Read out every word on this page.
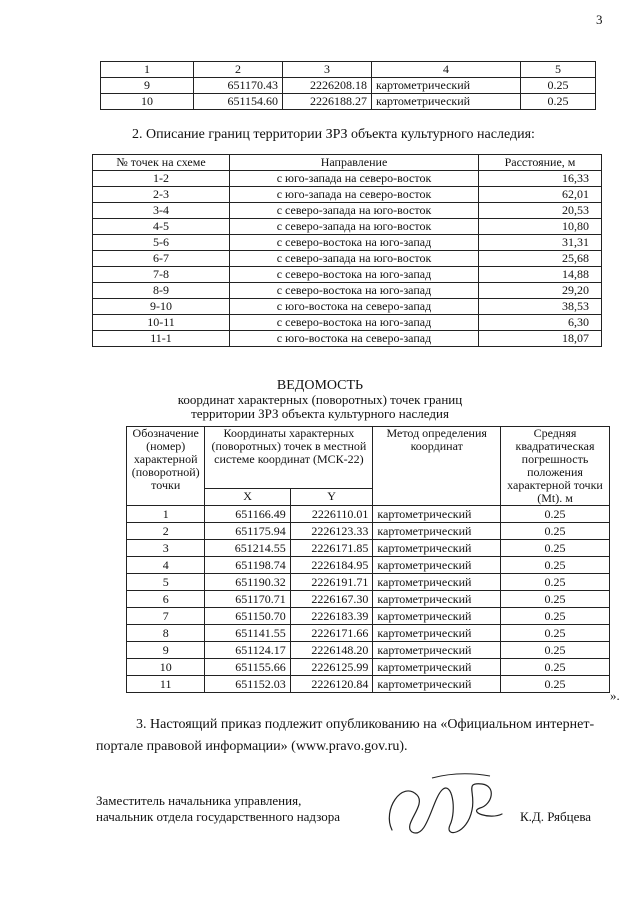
3
1	2	3	4	5
9	651170.43	2226208.18	картометрический	0.25
10	651154.60	2226188.27	картометрический	0.25
2. Описание границ территории ЗРЗ объекта культурного наследия:
№ точек на схеме	Направление	Расстояние, м
1-2	с юго-запада на северо-восток	16,33
2-3	с юго-запада на северо-восток	62,01
3-4	с северо-запада на юго-восток	20,53
4-5	с северо-запада на юго-восток	10,80
5-6	с северо-востока на юго-запад	31,31
6-7	с северо-запада на юго-восток	25,68
7-8	с северо-востока на юго-запад	14,88
8-9	с северо-востока на юго-запад	29,20
9-10	с юго-востока на северо-запад	38,53
10-11	с северо-востока на юго-запад	6,30
11-1	с юго-востока на северо-запад	18,07
ВЕДОМОСТЬ
координат характерных (поворотных) точек границ
территории ЗРЗ объекта культурного наследия
Обозначение (номер) характерной (поворотной) точки	Координаты характерных (поворотных) точек в местной системе координат (МСК-22)		Метод определения координат	Средняя квадратическая погрешность положения характерной точки (Mt). м
	X	Y		
1	651166.49	2226110.01	картометрический	0.25
2	651175.94	2226123.33	картометрический	0.25
3	651214.55	2226171.85	картометрический	0.25
4	651198.74	2226184.95	картометрический	0.25
5	651190.32	2226191.71	картометрический	0.25
6	651170.71	2226167.30	картометрический	0.25
7	651150.70	2226183.39	картометрический	0.25
8	651141.55	2226171.66	картометрический	0.25
9	651124.17	2226148.20	картометрический	0.25
10	651155.66	2226125.99	картометрический	0.25
11	651152.03	2226120.84	картометрический	0.25
».
3. Настоящий приказ подлежит опубликованию на «Официальном интернет-
портале правовой информации» (www.pravo.gov.ru).
Заместитель начальника управления,
начальник отдела государственного надзора	К.Д. Рябцева
